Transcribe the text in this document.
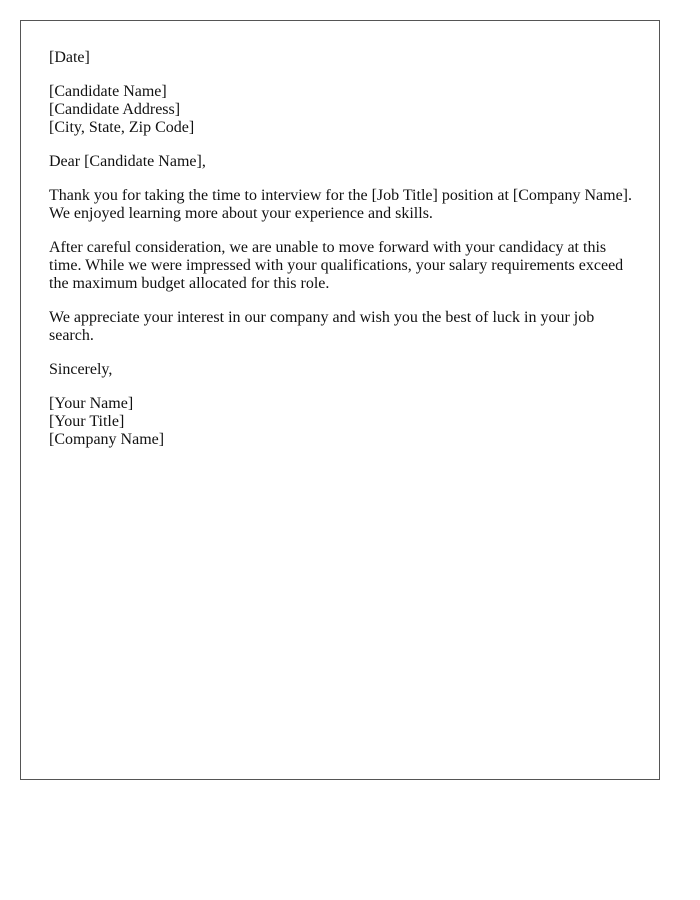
[Date]
[Candidate Name]
[Candidate Address]
[City, State, Zip Code]
Dear [Candidate Name],

Thank you for taking the time to interview for the [Job Title] position at [Company Name]. We enjoyed learning more about your experience and skills.

After careful consideration, we are unable to move forward with your candidacy at this time. While we were impressed with your qualifications, your salary requirements exceed the maximum budget allocated for this role.

We appreciate your interest in our company and wish you the best of luck in your job search.

Sincerely,
[Your Name]
[Your Title]
[Company Name]
